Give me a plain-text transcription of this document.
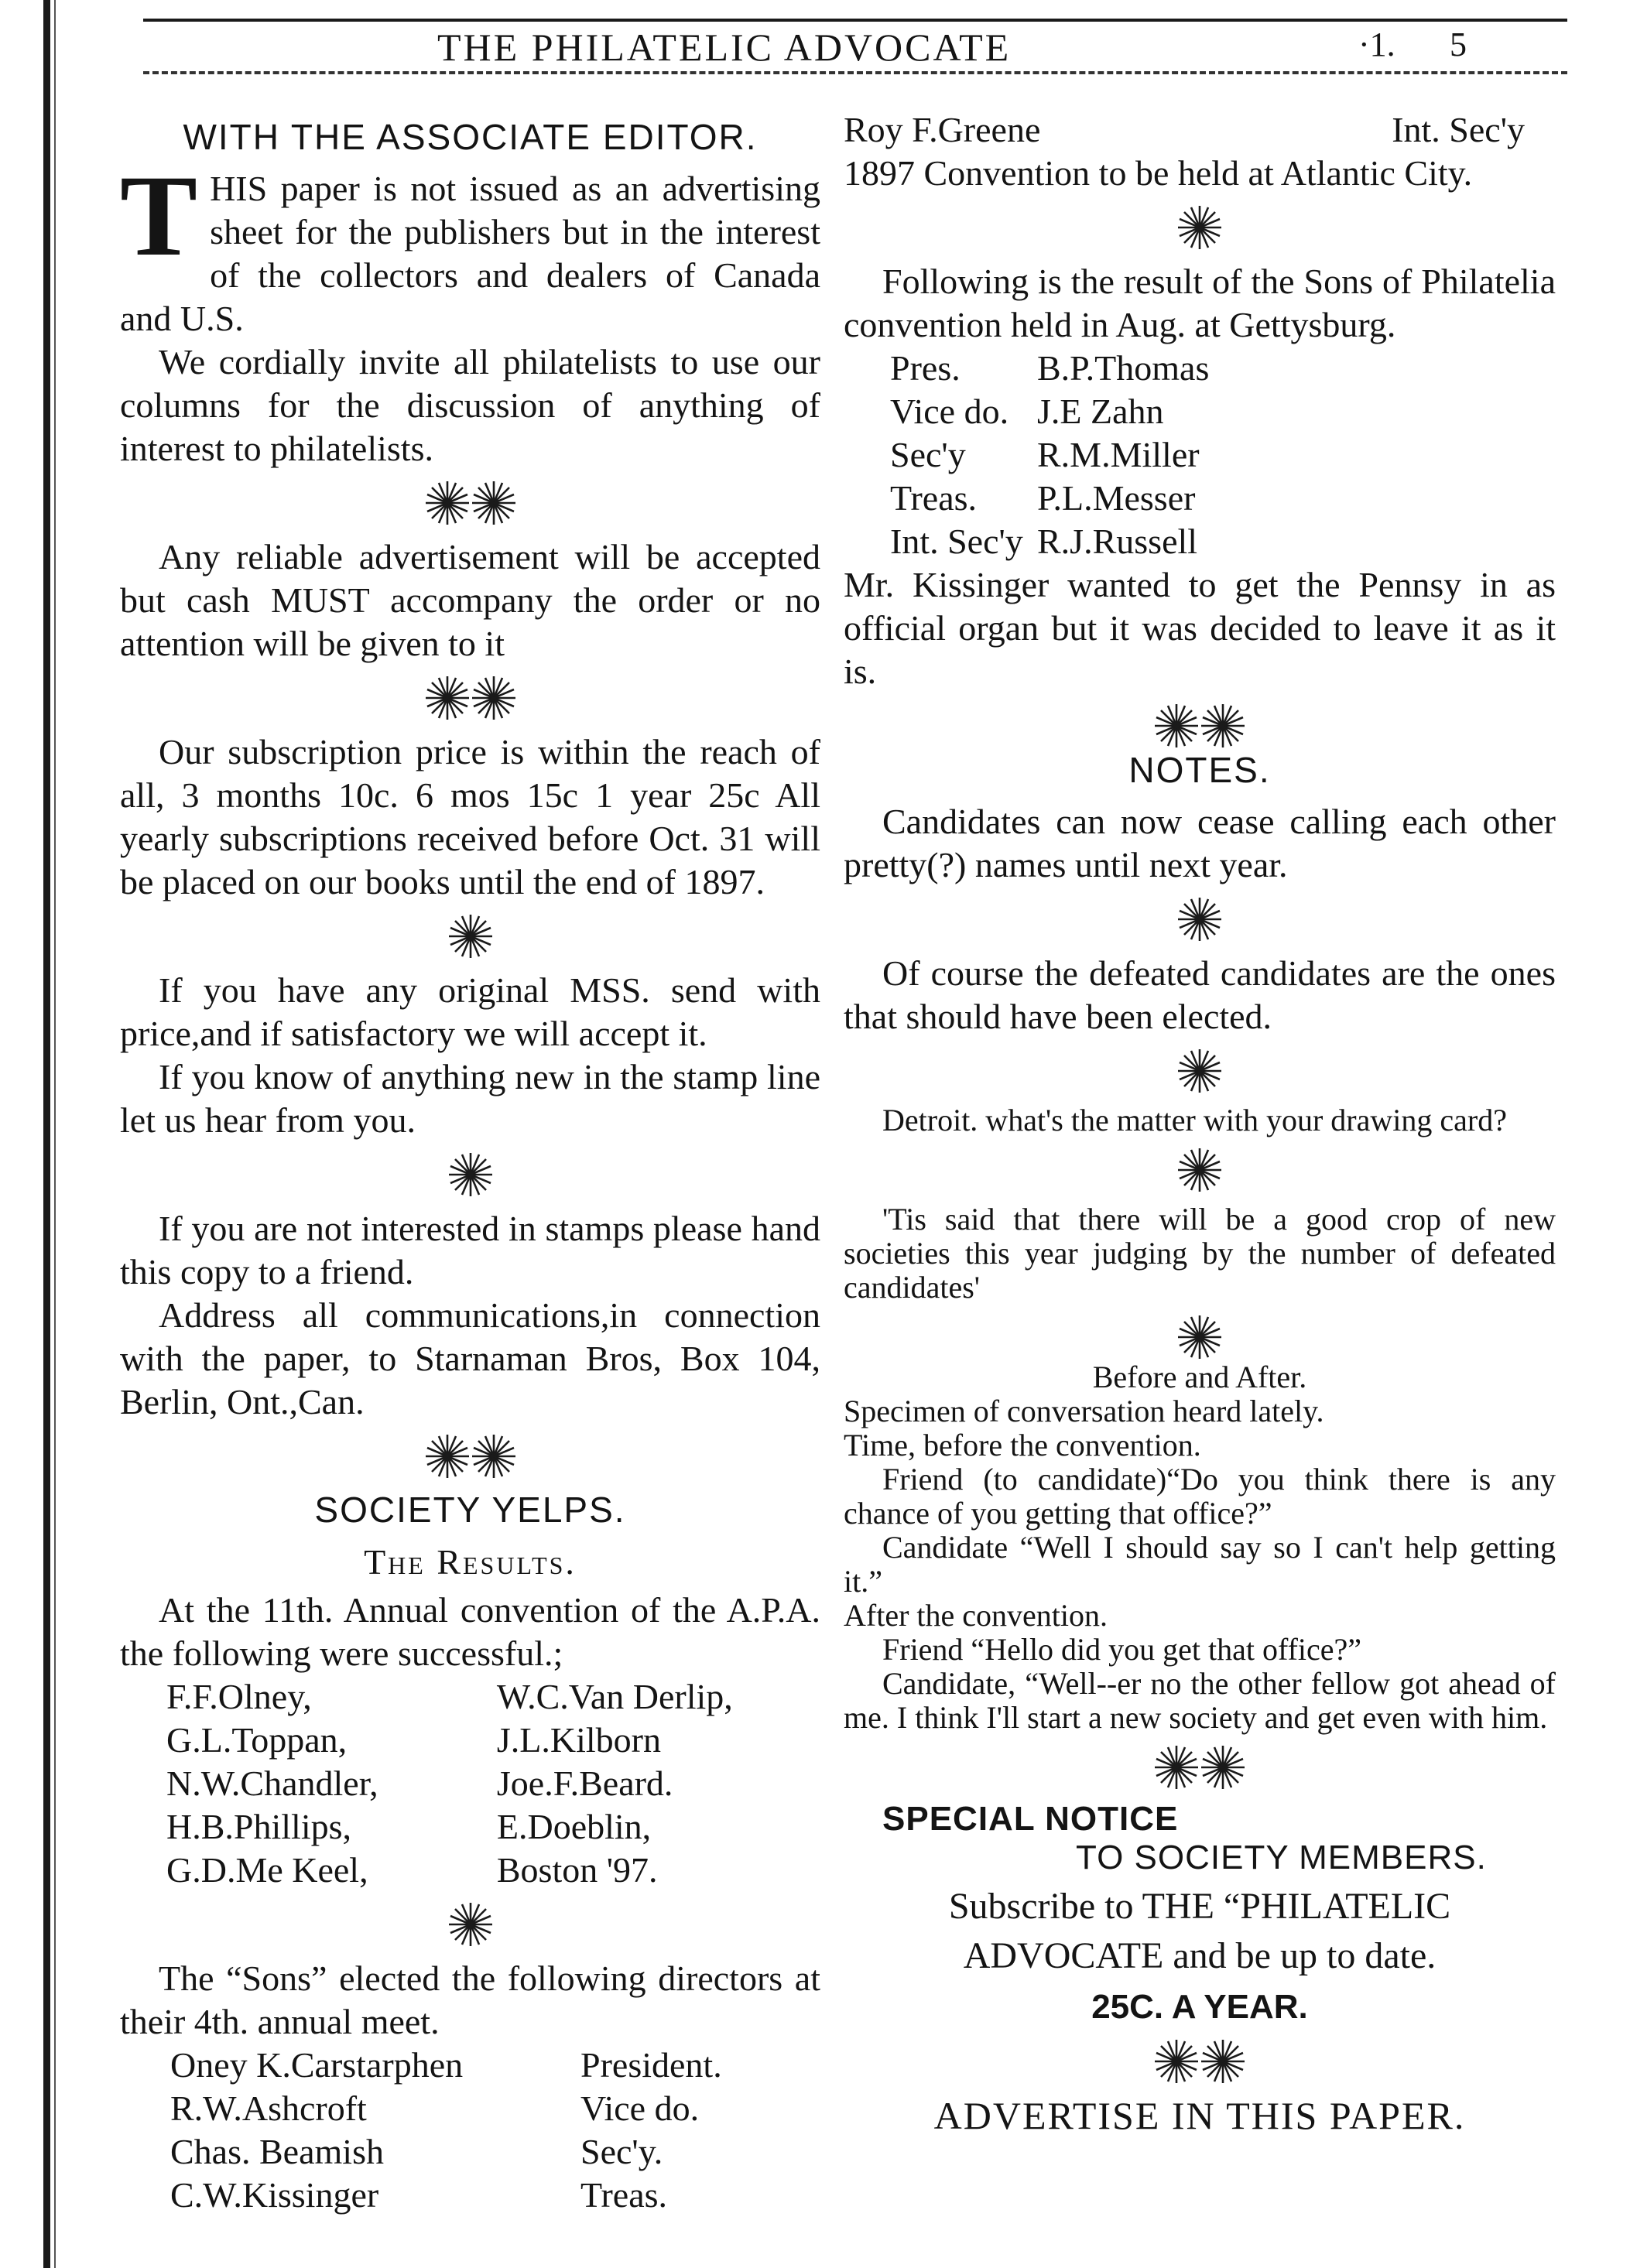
THE PHILATELIC ADVOCATE	·1. 5
WITH THE ASSOCIATE EDITOR.

THIS paper is not issued as an advertising sheet for the publishers but in the interest of the collectors and dealers of Canada and U.S.

We cordially invite all philatelists to use our columns for the discussion of anything of interest to philatelists.

Any reliable advertisement will be accepted but cash MUST accompany the order or no attention will be given to it

Our subscription price is within the reach of all, 3 months 10c. 6 mos 15c 1 year 25c All yearly subscriptions received before Oct. 31 will be placed on our books until the end of 1897.

If you have any original MSS. send with price,and if satisfactory we will accept it.

If you know of anything new in the stamp line let us hear from you.

If you are not interested in stamps please hand this copy to a friend.

Address all communications,in connection with the paper, to Starnaman Bros, Box 104, Berlin, Ont.,Can.

SOCIETY YELPS.
The Results.

At the 11th. Annual convention of the A.P.A. the following were successful.;

F.F.Olney,	W.C.Van Derlip,
G.L.Toppan,	J.L.Kilborn
N.W.Chandler,	Joe.F.Beard.
H.B.Phillips,	E.Doeblin,
G.D.Me Keel,	Boston '97.

The “Sons” elected the following directors at their 4th. annual meet.

Oney K.Carstarphen	President.
R.W.Ashcroft	Vice do.
Chas. Beamish	Sec'y.
C.W.Kissinger	Treas.
Roy F.Greene	Int. Sec'y

1897 Convention to be held at Atlantic City.

Following is the result of the Sons of Philatelia convention held in Aug. at Gettysburg.

Pres.	B.P.Thomas
Vice do. J.E Zahn
Sec'y	R.M.Miller
Treas.	P.L.Messer
Int. Sec'y R.J.Russell

Mr. Kissinger wanted to get the Pennsy in as official organ but it was decided to leave it as it is.

NOTES.

Candidates can now cease calling each other pretty(?) names until next year.

Of course the defeated candidates are the ones that should have been elected.

Detroit. what's the matter with your drawing card?

'Tis said that there will be a good crop of new societies this year judging by the number of defeated candidates'

Before and After.

Specimen of conversation heard lately.

Time, before the convention.

Friend (to candidate)“Do you think there is any chance of you getting that office?”

Candidate “Well I should say so I can't help getting it.”

After the convention.

Friend “Hello did you get that office?”

Candidate, “Well--er no the other fellow got ahead of me. I think I'll start a new society and get even with him.

SPECIAL NOTICE
TO SOCIETY MEMBERS.

Subscribe to THE “PHILATELIC ADVOCATE and be up to date.

25C. A YEAR.

ADVERTISE IN THIS PAPER.
